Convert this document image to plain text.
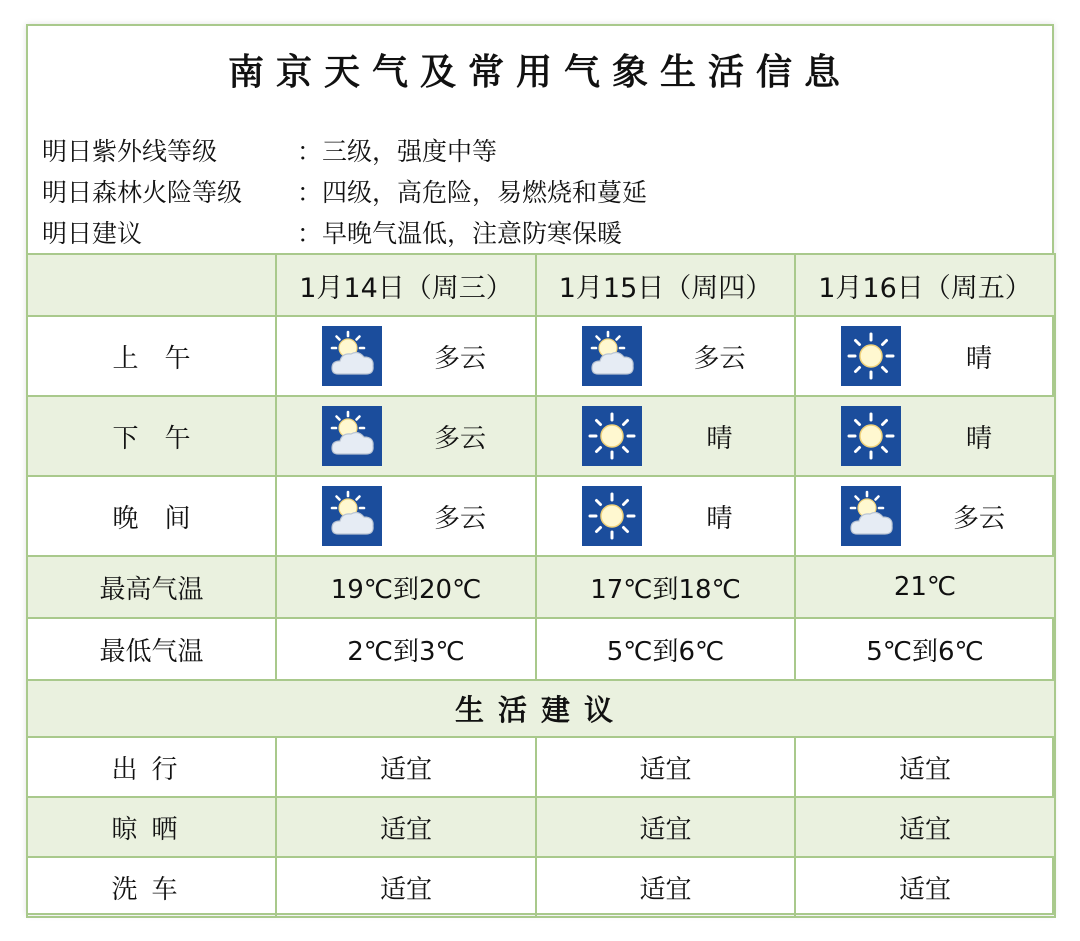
南京天气及常用气象生活信息
明日紫外线等级	： 三级，强度中等
明日森林火险等级	： 四级，高危险，易燃烧和蔓延
明日建议	： 早晚气温低，注意防寒保暖
	1月14日（周三）	1月15日（周四）	1月16日（周五）
上　午	多云	多云	晴

下　午	多云	晴	晴

晚　间	多云	晴	多云

最高气温	19℃到20℃	17℃到18℃	21℃
最低气温	2℃到3℃	5℃到6℃	5℃到6℃
生活建议			
出行	适宜	适宜	适宜
晾晒	适宜	适宜	适宜
洗车	适宜	适宜	适宜
